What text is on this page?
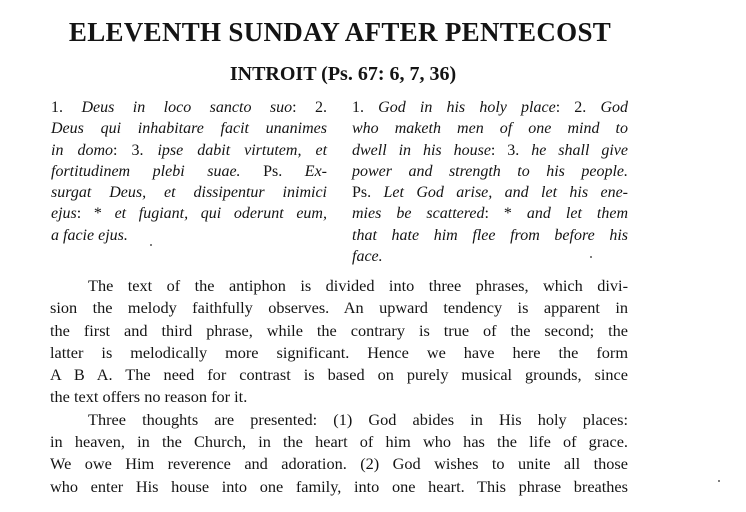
ELEVENTH SUNDAY AFTER PENTECOST
INTROIT (Ps. 67: 6, 7, 36)
1. Deus in loco sancto suo: 2.
Deus qui inhabitare facit unanimes
in domo: 3. ipse dabit virtutem, et
fortitudinem plebi suae. Ps. Ex-
surgat Deus, et dissipentur inimici
ejus: * et fugiant, qui oderunt eum,
a facie ejus.
1. God in his holy place: 2. God
who maketh men of one mind to
dwell in his house: 3. he shall give
power and strength to his people.
Ps. Let God arise, and let his ene-
mies be scattered: * and let them
that hate him flee from before his
face.
The text of the antiphon is divided into three phrases, which divi-
sion the melody faithfully observes. An upward tendency is apparent in
the first and third phrase, while the contrary is true of the second; the
latter is melodically more significant. Hence we have here the form
A B A. The need for contrast is based on purely musical grounds, since
the text offers no reason for it.
Three thoughts are presented: (1) God abides in His holy places:
in heaven, in the Church, in the heart of him who has the life of grace.
We owe Him reverence and adoration. (2) God wishes to unite all those
who enter His house into one family, into one heart. This phrase breathes
